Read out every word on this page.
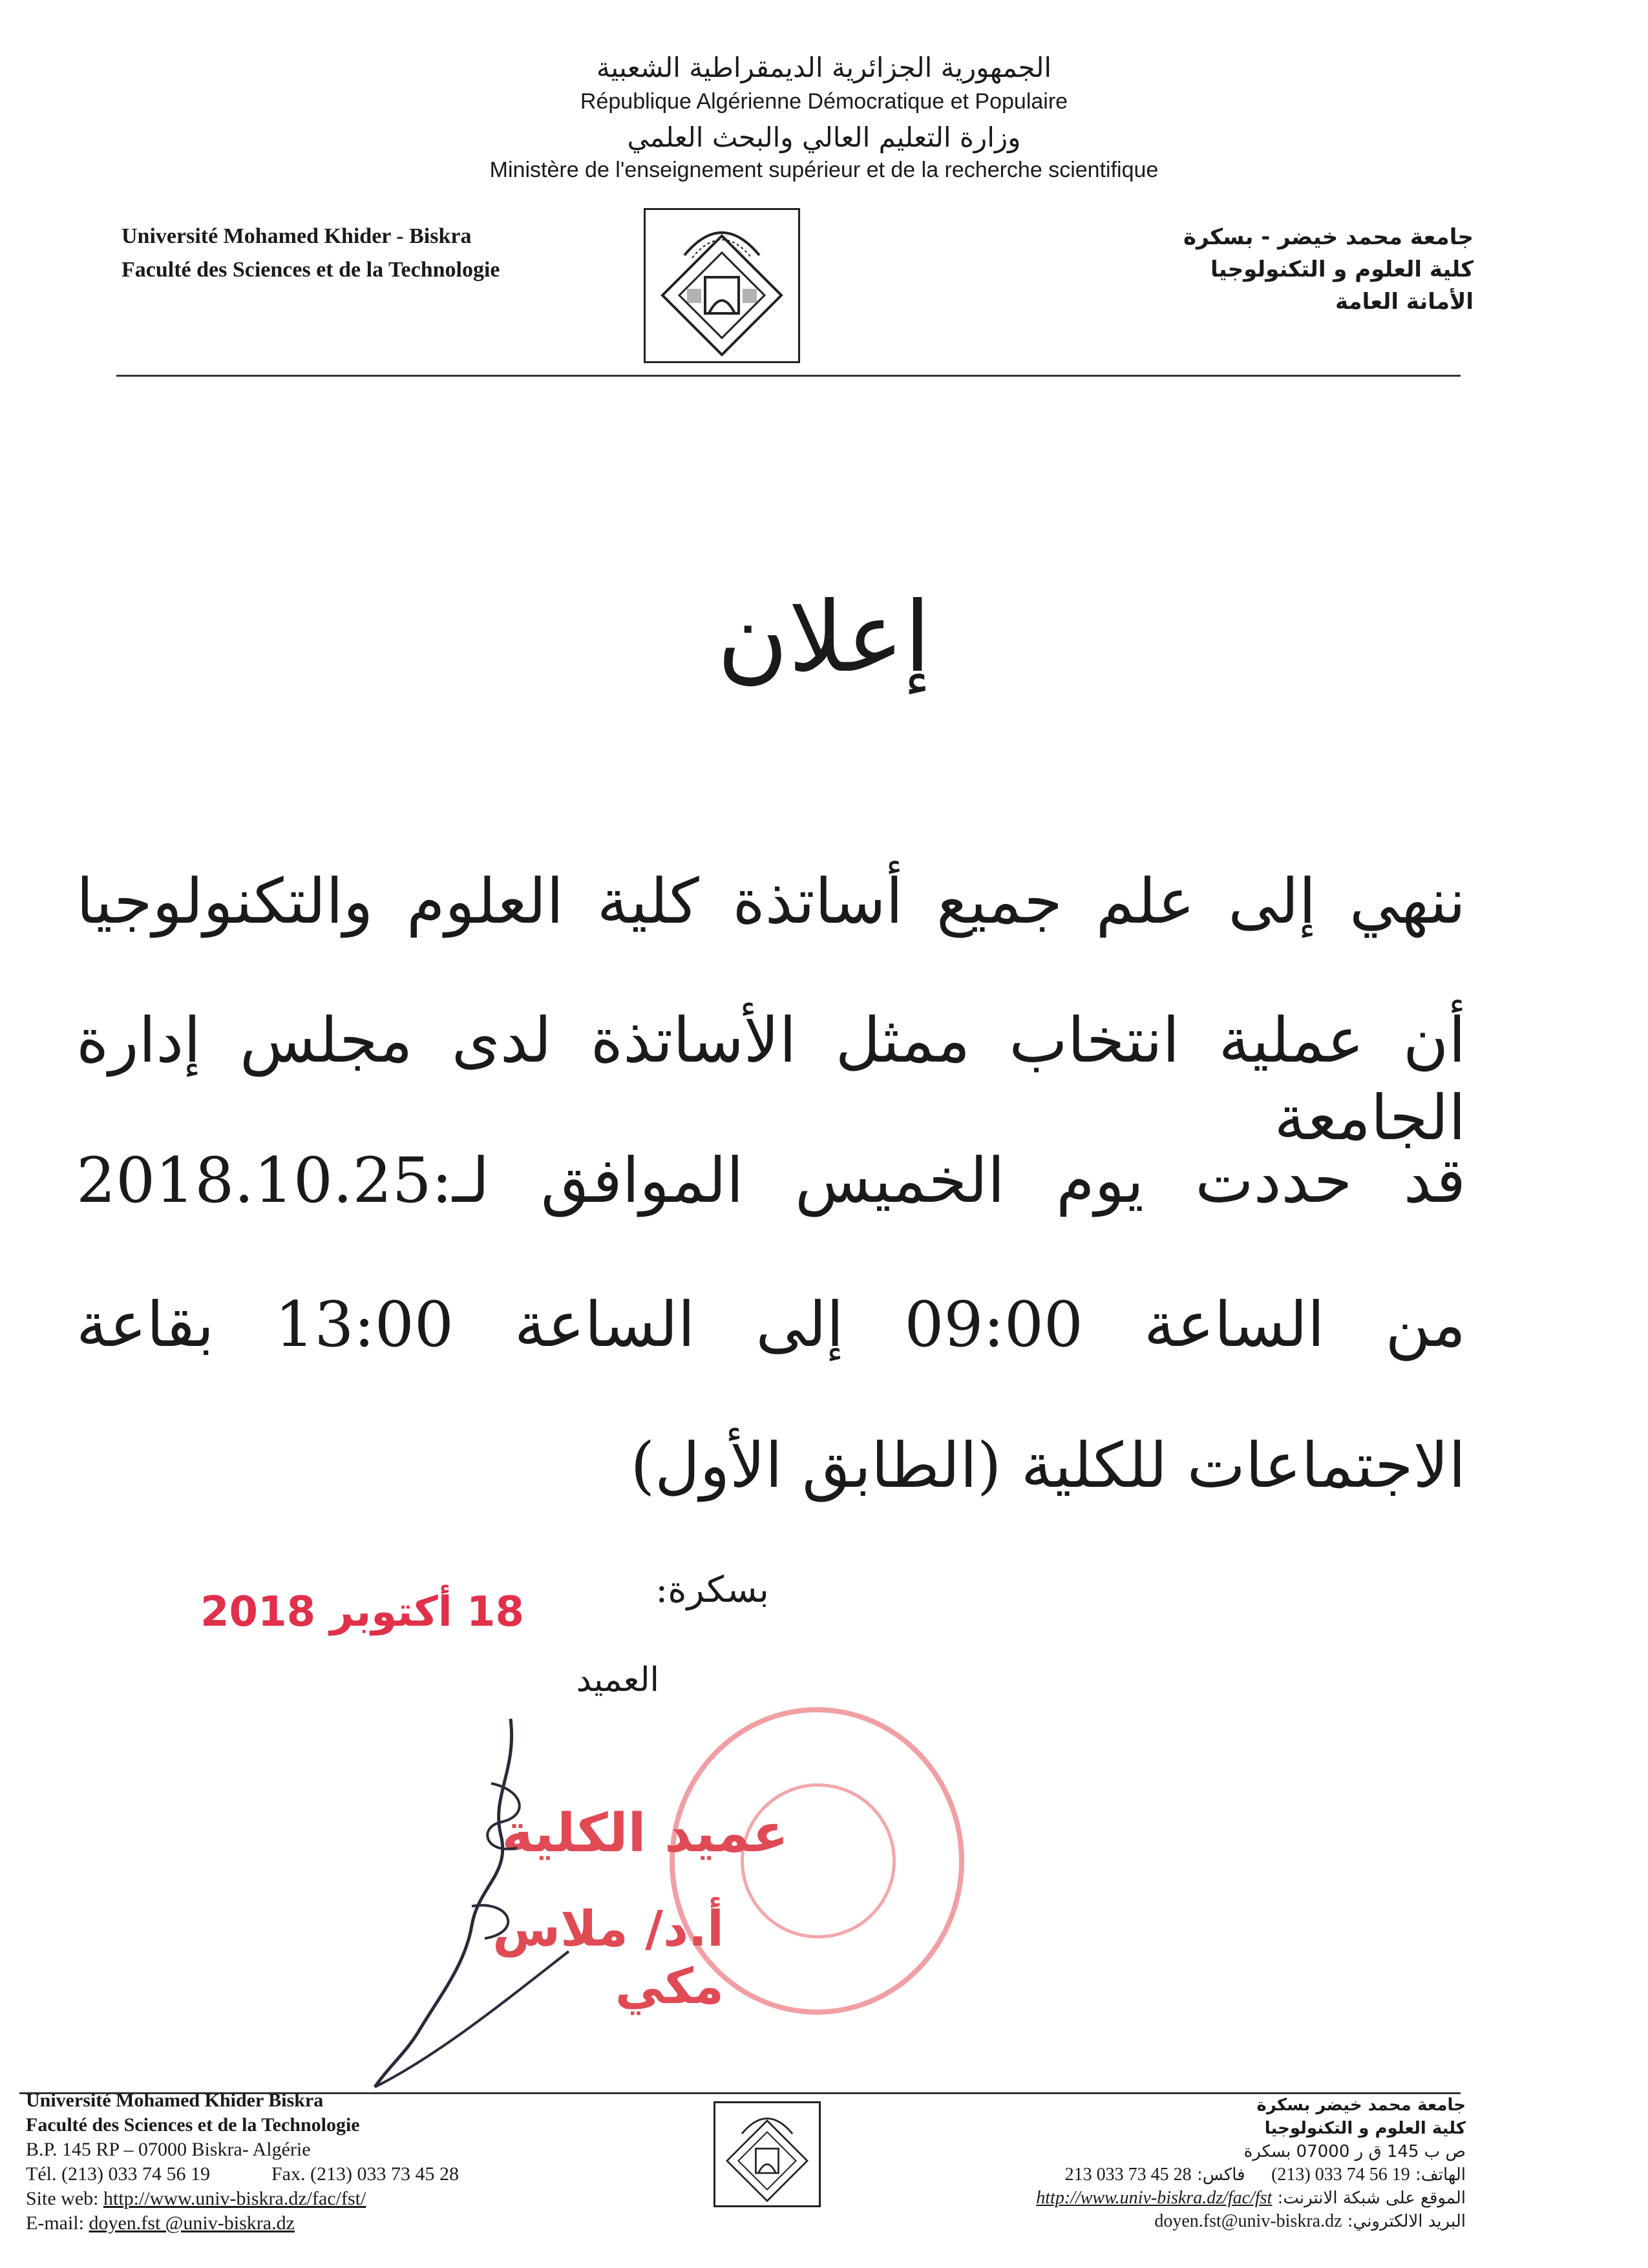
الجمهورية الجزائرية الديمقراطية الشعبية
République Algérienne Démocratique et Populaire
وزارة التعليم العالي والبحث العلمي
Ministère de l'enseignement supérieur et de la recherche scientifique
Université Mohamed Khider - Biskra
Faculté des Sciences et de la Technologie
جامعة محمد خيضر - بسكرة
كلية العلوم و التكنولوجيا
الأمانة العامة
إعلان
ننهي إلى علم جميع أساتذة كلية العلوم والتكنولوجيا
أن عملية انتخاب ممثل الأساتذة لدى مجلس إدارة الجامعة
قد حددت يوم الخميس الموافق لـ:2018.10.25
من الساعة 09:00 إلى الساعة 13:00 بقاعة
الاجتماعات للكلية (الطابق الأول)
بسكرة:
18 أكتوبر 2018
العميد
عميد الكلية
أ.د/ ملاس مكي
Université Mohamed Khider Biskra
Faculté des Sciences et de la Technologie
B.P. 145 RP – 07000 Biskra- Algérie
Tél. (213) 033 74 56 19	Fax. (213) 033 73 45 28
Site web: http://www.univ-biskra.dz/fac/fst/
E-mail: doyen.fst @univ-biskra.dz
جامعة محمد خيضر بسكرة
كلية العلوم و التكنولوجيا
ص ب 145 ق ر 07000 بسكرة
الهاتف: (213) 033 74 56 19  فاكس: 213 033 73 45 28
الموقع على شبكة الانترنت: http://www.univ-biskra.dz/fac/fst
البريد الالكتروني: doyen.fst@univ-biskra.dz
